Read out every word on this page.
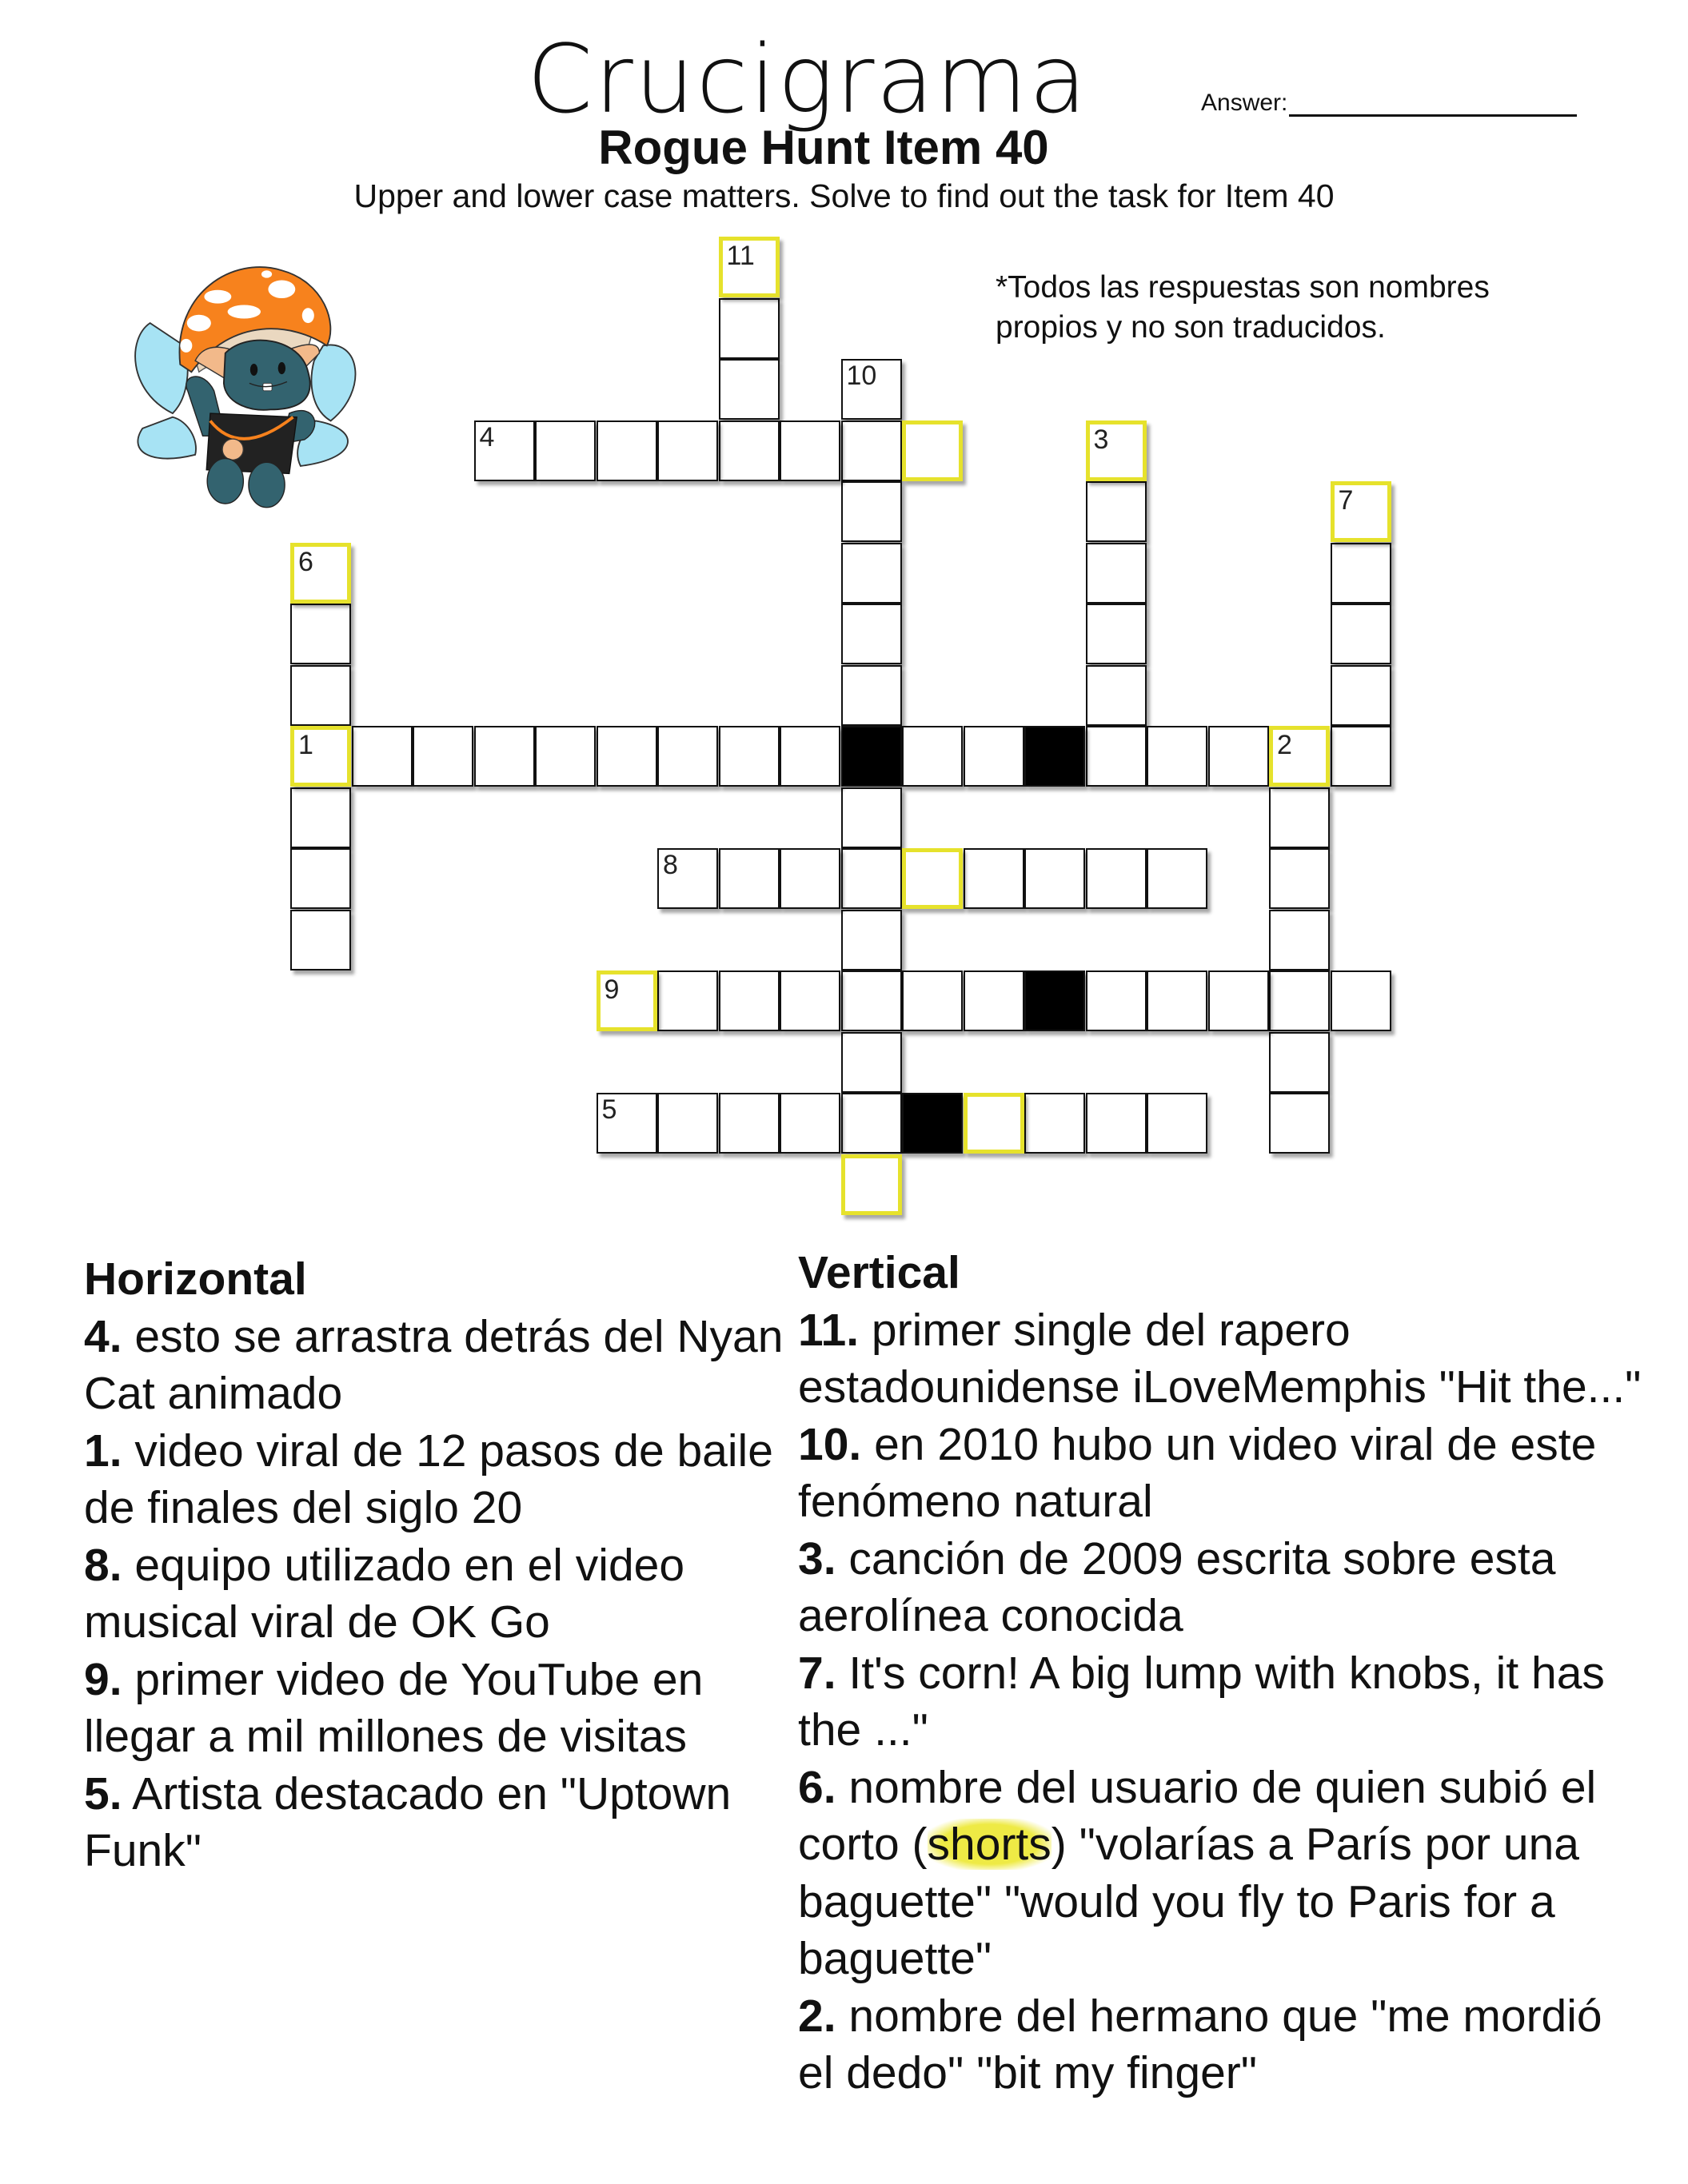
Crucigrama	Answer:
Rogue Hunt Item 40
Upper and lower case matters. Solve to find out the task for Item 40
*Todos las respuestas son nombres
propios y no son traducidos.
11
10
4	3
7
6
1	2
8
9
5
Horizontal
4. esto se arrastra detrás del Nyan Cat animado
1. video viral de 12 pasos de baile de finales del siglo 20
8. equipo utilizado en el video musical viral de OK Go
9. primer video de YouTube en llegar a mil millones de visitas
5. Artista destacado en "Uptown Funk"
Vertical
11. primer single del rapero estadounidense iLoveMemphis "Hit the..."
10. en 2010 hubo un video viral de este fenómeno natural
3. canción de 2009 escrita sobre esta aerolínea conocida
7. It's corn! A big lump with knobs, it has the ..."
6. nombre del usuario de quien subió el corto (shorts) "volarías a París por una baguette" "would you fly to Paris for a baguette"
2. nombre del hermano que "me mordió el dedo" "bit my finger"
